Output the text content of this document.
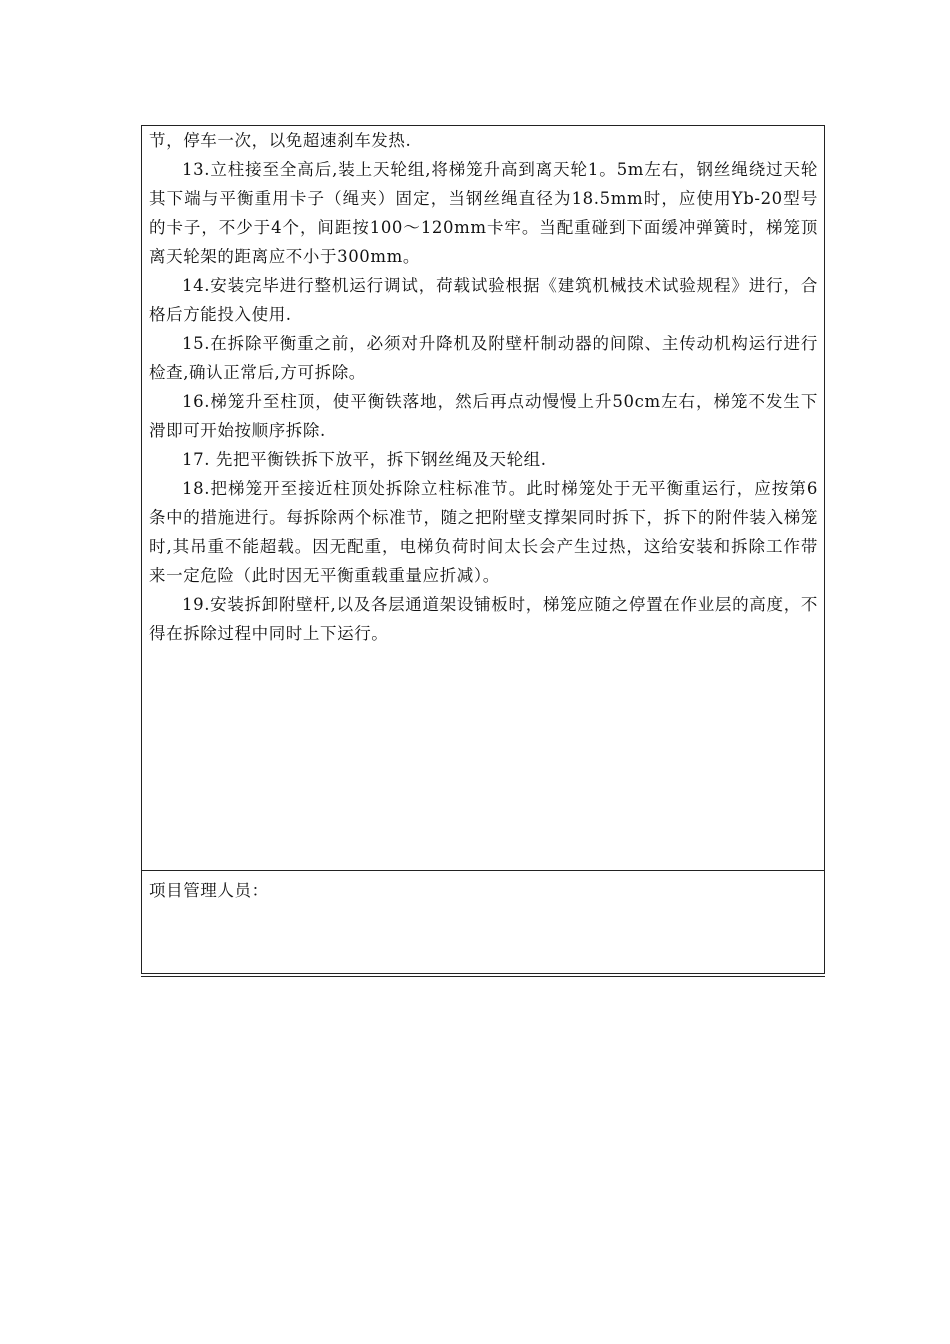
节，停车一次，以免超速刹车发热.

13.立柱接至全高后,装上天轮组,将梯笼升高到离天轮1。5m左右，钢丝绳绕过天轮其下端与平衡重用卡子（绳夹）固定，当钢丝绳直径为18.5mm时，应使用Yb-20型号的卡子，不少于4个，间距按100～120mm卡牢。当配重碰到下面缓冲弹簧时，梯笼顶离天轮架的距离应不小于300mm。

14.安装完毕进行整机运行调试，荷载试验根据《建筑机械技术试验规程》进行，合格后方能投入使用.

15.在拆除平衡重之前，必须对升降机及附壁杆制动器的间隙、主传动机构运行进行检查,确认正常后,方可拆除。

16.梯笼升至柱顶，使平衡铁落地，然后再点动慢慢上升50cm左右，梯笼不发生下滑即可开始按顺序拆除.

17. 先把平衡铁拆下放平，拆下钢丝绳及天轮组.

18.把梯笼开至接近柱顶处拆除立柱标准节。此时梯笼处于无平衡重运行，应按第6条中的措施进行。每拆除两个标准节，随之把附壁支撑架同时拆下，拆下的附件装入梯笼时,其吊重不能超载。因无配重，电梯负荷时间太长会产生过热，这给安装和拆除工作带来一定危险（此时因无平衡重载重量应折减）。

19.安装拆卸附壁杆,以及各层通道架设铺板时，梯笼应随之停置在作业层的高度，不得在拆除过程中同时上下运行。

项目管理人员：
